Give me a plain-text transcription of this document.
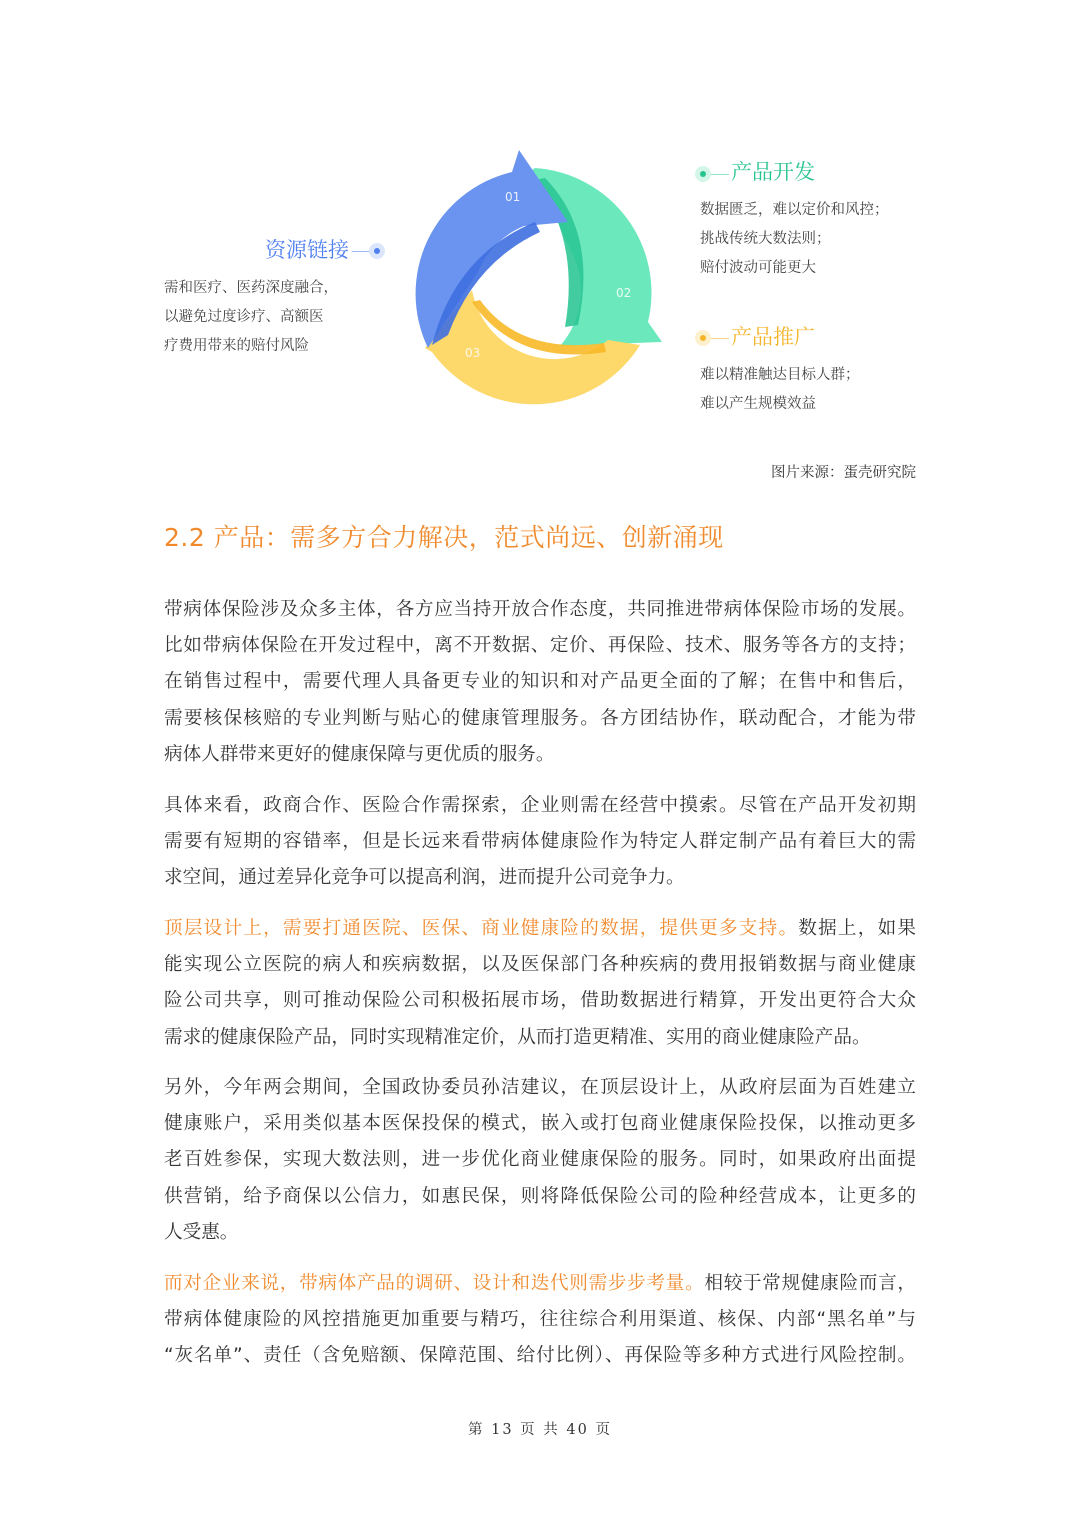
01
02
03
资源链接
需和医疗、医药深度融合，
以避免过度诊疗、高额医
疗费用带来的赔付风险
产品开发
数据匮乏，难以定价和风控；
挑战传统大数法则；
赔付波动可能更大
产品推广
难以精准触达目标人群；
难以产生规模效益
图片来源：蛋壳研究院
2.2 产品：需多方合力解决，范式尚远、创新涌现
带病体保险涉及众多主体，各方应当持开放合作态度，共同推进带病体保险市场的发展。
比如带病体保险在开发过程中，离不开数据、定价、再保险、技术、服务等各方的支持；
在销售过程中，需要代理人具备更专业的知识和对产品更全面的了解；在售中和售后，
需要核保核赔的专业判断与贴心的健康管理服务。各方团结协作，联动配合，才能为带
病体人群带来更好的健康保障与更优质的服务。
具体来看，政商合作、医险合作需探索，企业则需在经营中摸索。尽管在产品开发初期
需要有短期的容错率，但是长远来看带病体健康险作为特定人群定制产品有着巨大的需
求空间，通过差异化竞争可以提高利润，进而提升公司竞争力。
顶层设计上，需要打通医院、医保、商业健康险的数据，提供更多支持。数据上，如果
能实现公立医院的病人和疾病数据，以及医保部门各种疾病的费用报销数据与商业健康
险公司共享，则可推动保险公司积极拓展市场，借助数据进行精算，开发出更符合大众
需求的健康保险产品，同时实现精准定价，从而打造更精准、实用的商业健康险产品。
另外，今年两会期间，全国政协委员孙洁建议，在顶层设计上，从政府层面为百姓建立
健康账户，采用类似基本医保投保的模式，嵌入或打包商业健康保险投保，以推动更多
老百姓参保，实现大数法则，进一步优化商业健康保险的服务。同时，如果政府出面提
供营销，给予商保以公信力，如惠民保，则将降低保险公司的险种经营成本，让更多的
人受惠。
而对企业来说，带病体产品的调研、设计和迭代则需步步考量。相较于常规健康险而言，
带病体健康险的风控措施更加重要与精巧，往往综合利用渠道、核保、内部“黑名单”与
“灰名单”、责任（含免赔额、保障范围、给付比例）、再保险等多种方式进行风险控制。
第 13 页 共 40 页
